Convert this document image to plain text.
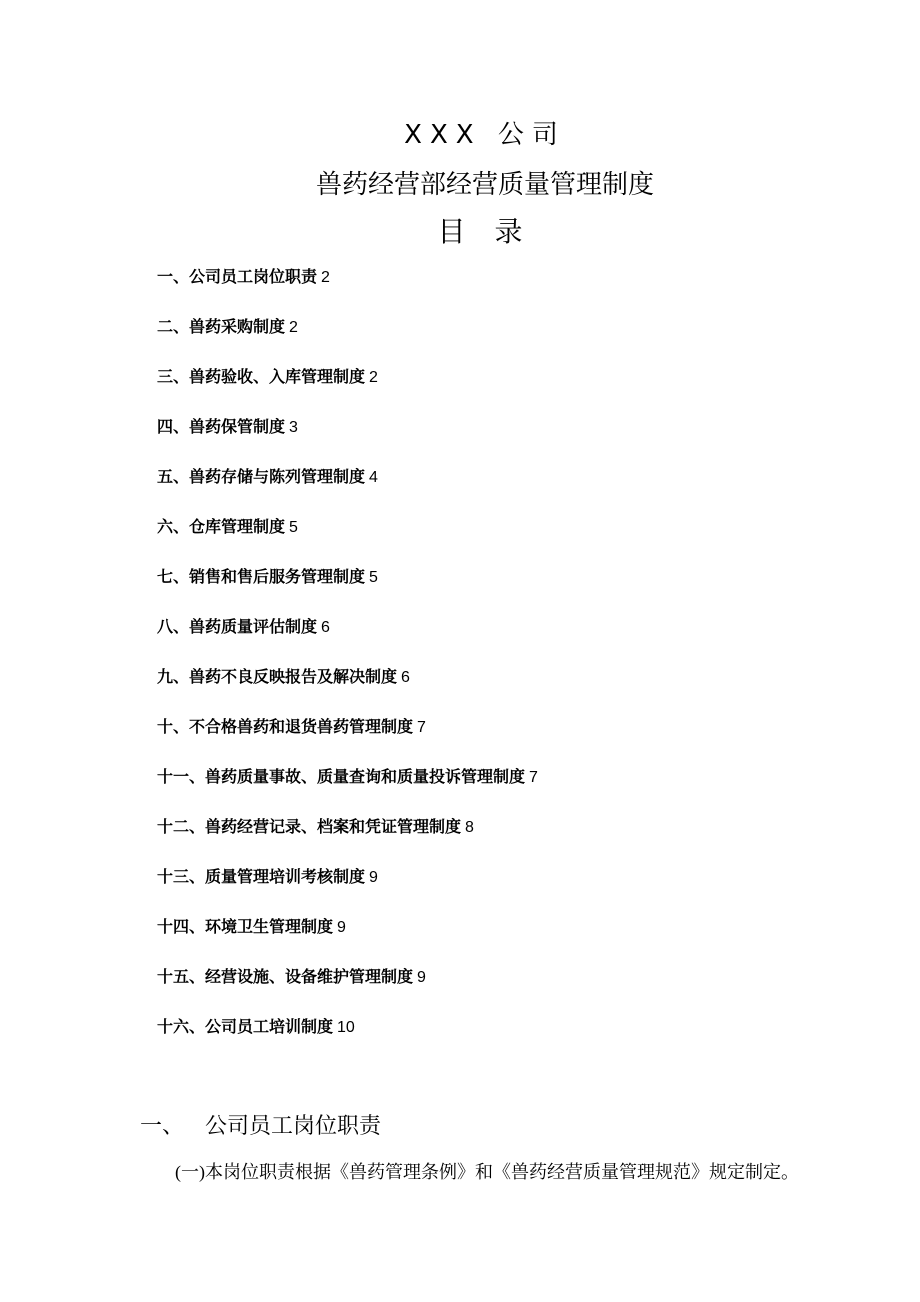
XXX 公司
兽药经营部经营质量管理制度
目 录
一、公司员工岗位职责 2
二、兽药采购制度 2
三、兽药验收、入库管理制度 2
四、兽药保管制度 3
五、兽药存储与陈列管理制度 4
六、仓库管理制度 5
七、销售和售后服务管理制度 5
八、兽药质量评估制度 6
九、兽药不良反映报告及解决制度 6
十、不合格兽药和退货兽药管理制度 7
十一、兽药质量事故、质量查询和质量投诉管理制度 7
十二、兽药经营记录、档案和凭证管理制度 8
十三、质量管理培训考核制度 9
十四、环境卫生管理制度 9
十五、经营设施、设备维护管理制度 9
十六、公司员工培训制度 10
一、 公司员工岗位职责
(一)本岗位职责根据《兽药管理条例》和《兽药经营质量管理规范》规定制定。
